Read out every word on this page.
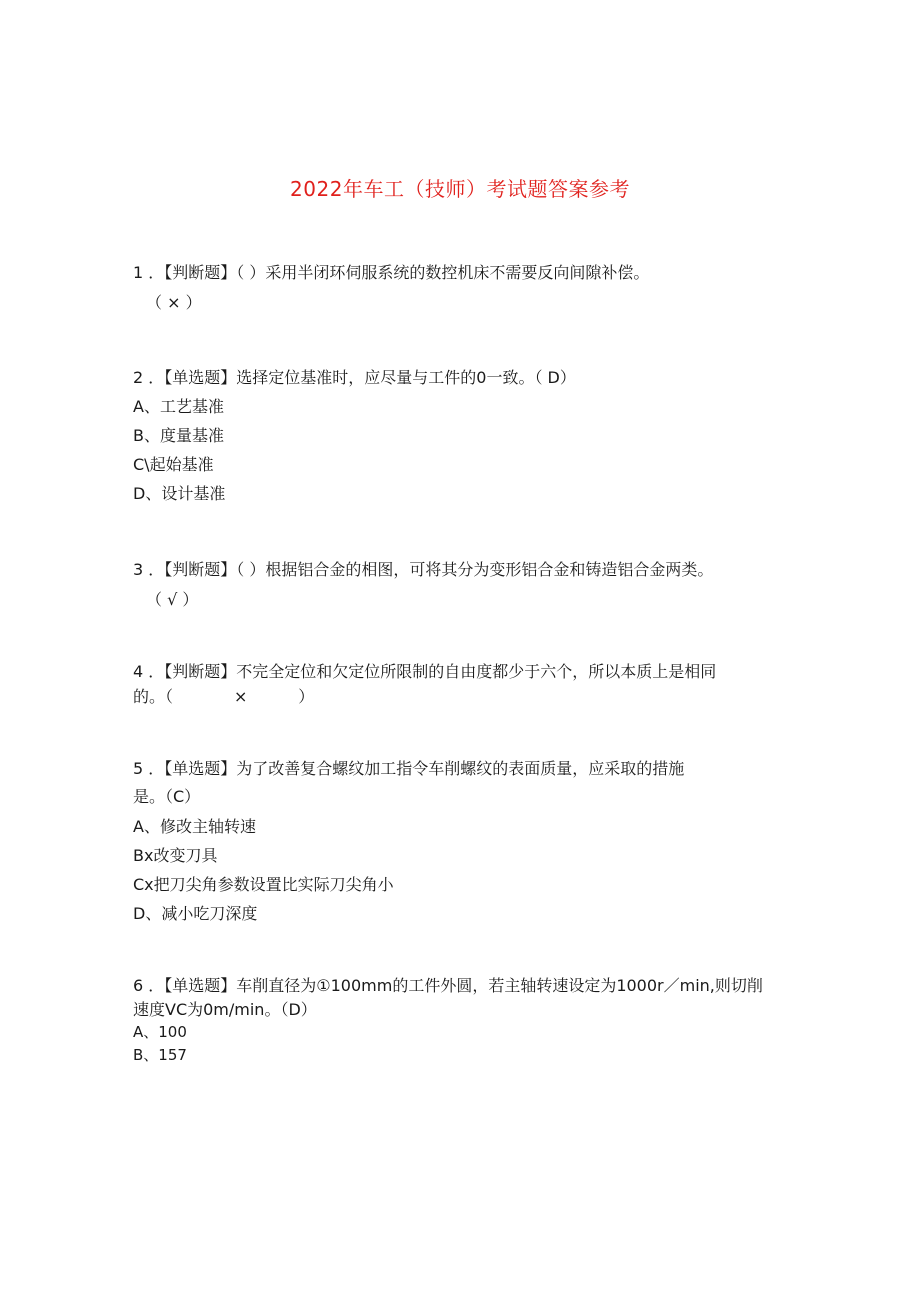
2022年车工（技师）考试题答案参考
1 ．【判断题】（ ）采用半闭环伺服系统的数控机床不需要反向间隙补偿。
（ × ）
2 ．【单选题】选择定位基准时，应尽量与工件的0一致。（ D）
A、工艺基准
B、度量基准
C\起始基准
D、设计基准
3 ．【判断题】（ ）根据铝合金的相图，可将其分为变形铝合金和铸造铝合金两类。
（ √ ）
4 ．【判断题】不完全定位和欠定位所限制的自由度都少于六个，所以本质上是相同
的。（            ×          ）
5 ．【单选题】为了改善复合螺纹加工指令车削螺纹的表面质量，应采取的措施
是。（C）
A、修改主轴转速
Bx改变刀具
Cx把刀尖角参数设置比实际刀尖角小
D、减小吃刀深度
6 ．【单选题】车削直径为①100mm的工件外圆，若主轴转速设定为1000r／min,则切削
速度VC为0m/min。（D）
A、100
B、157
